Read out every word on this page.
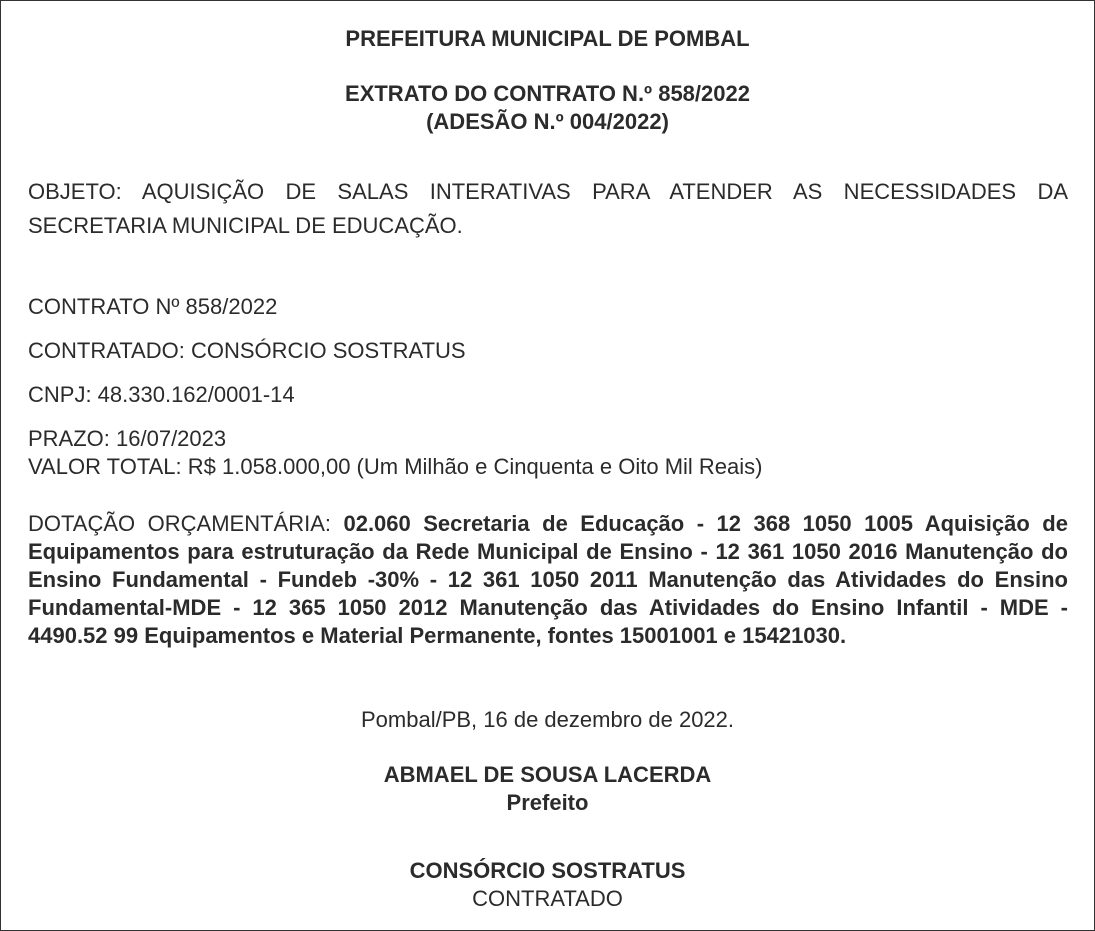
PREFEITURA MUNICIPAL DE POMBAL

EXTRATO DO CONTRATO N.º 858/2022

(ADESÃO N.º 004/2022)

OBJETO: AQUISIÇÃO DE SALAS INTERATIVAS PARA ATENDER AS NECESSIDADES DA SECRETARIA MUNICIPAL DE EDUCAÇÃO.

CONTRATO Nº 858/2022

CONTRATADO: CONSÓRCIO SOSTRATUS

CNPJ: 48.330.162/0001-14

PRAZO: 16/07/2023

VALOR TOTAL: R$ 1.058.000,00 (Um Milhão e Cinquenta e Oito Mil Reais)

DOTAÇÃO ORÇAMENTÁRIA: 02.060 Secretaria de Educação - 12 368 1050 1005 Aquisição de Equipamentos para estruturação da Rede Municipal de Ensino - 12 361 1050 2016 Manutenção do Ensino Fundamental - Fundeb -30% - 12 361 1050 2011 Manutenção das Atividades do Ensino Fundamental-MDE - 12 365 1050 2012 Manutenção das Atividades do Ensino Infantil - MDE - 4490.52 99 Equipamentos e Material Permanente, fontes 15001001 e 15421030.

Pombal/PB, 16 de dezembro de 2022.

ABMAEL DE SOUSA LACERDA

Prefeito

CONSÓRCIO SOSTRATUS

CONTRATADO
